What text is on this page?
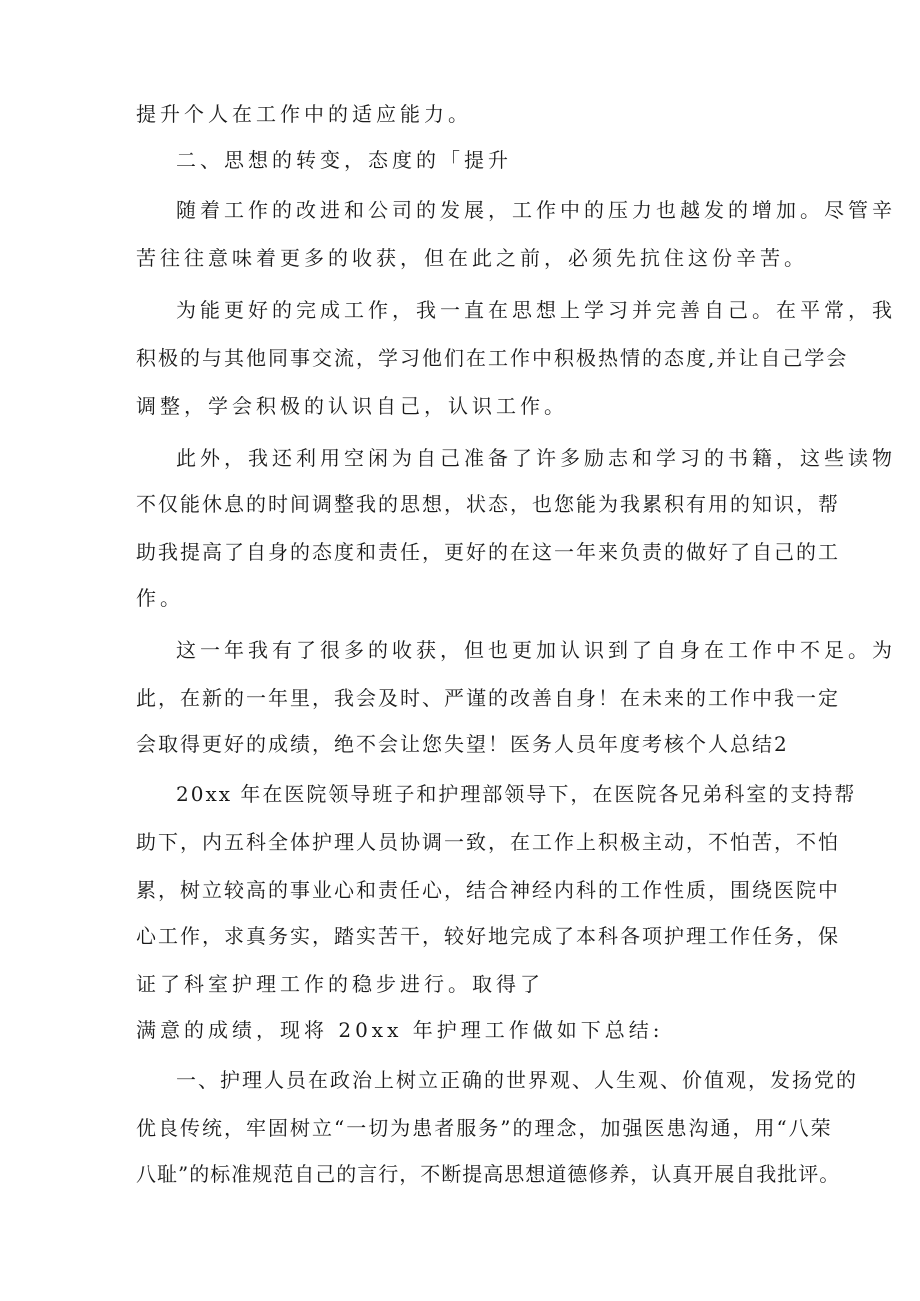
提升个人在工作中的适应能力。
二、思想的转变，态度的「提升
随着工作的改进和公司的发展，工作中的压力也越发的增加。尽管辛
苦往往意味着更多的收获，但在此之前，必须先抗住这份辛苦。
为能更好的完成工作，我一直在思想上学习并完善自己。在平常，我
积极的与其他同事交流，学习他们在工作中积极热情的态度,并让自己学会
调整，学会积极的认识自己，认识工作。
此外，我还利用空闲为自己准备了许多励志和学习的书籍，这些读物
不仅能休息的时间调整我的思想，状态，也您能为我累积有用的知识，帮
助我提高了自身的态度和责任，更好的在这一年来负责的做好了自己的工
作。
这一年我有了很多的收获，但也更加认识到了自身在工作中不足。为
此，在新的一年里，我会及时、严谨的改善自身！在未来的工作中我一定
会取得更好的成绩，绝不会让您失望！医务人员年度考核个人总结2
20xx 年在医院领导班子和护理部领导下，在医院各兄弟科室的支持帮
助下，内五科全体护理人员协调一致，在工作上积极主动，不怕苦，不怕
累，树立较高的事业心和责任心，结合神经内科的工作性质，围绕医院中
心工作，求真务实，踏实苦干，较好地完成了本科各项护理工作任务，保
证了科室护理工作的稳步进行。取得了
满意的成绩，现将 20xx 年护理工作做如下总结:
一、护理人员在政治上树立正确的世界观、人生观、价值观，发扬党的
优良传统，牢固树立“一切为患者服务”的理念，加强医患沟通，用“八荣
八耻”的标准规范自己的言行，不断提高思想道德修养，认真开展自我批评。
